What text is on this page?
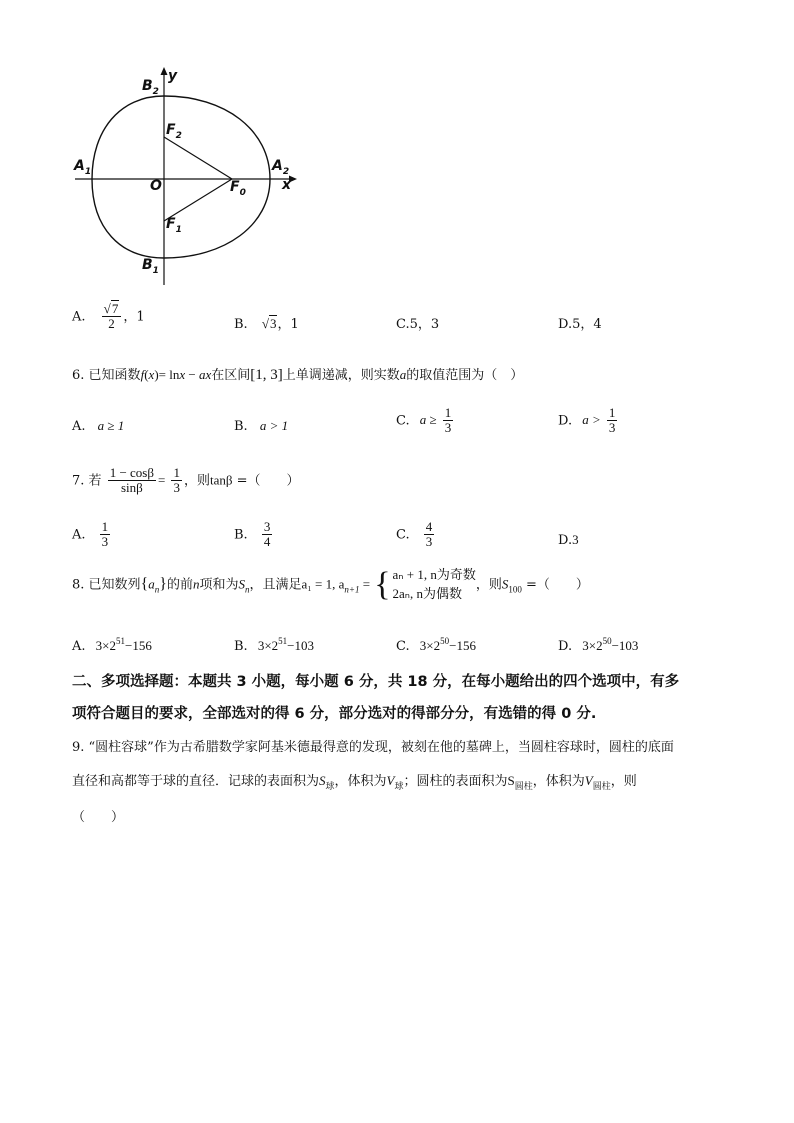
$B_2$
y
$F_2$
$A_1$	$A_2$
O	$F_0$	x
$F_1$
$B_1$
A. $\frac{√7}{2}$ ，1
B. √3，1	C.5，3	D.5，4
6. 已知函数f(x)= lnx − ax在区间[1, 3]上单调递减，则实数a的取值范围为（　）
A. a ≥ 1	B. a > 1	C. $a \ge \frac{1}{3}$	D. $a > \frac{1}{3}$
7. 若 $\frac{1 - \cos\beta}{\sin\beta} = \frac{1}{3}$ ，则tanβ =（　　）
A. $\frac{1}{3}$	B. $\frac{3}{4}$	C. $\frac{4}{3}$	D.3
8. 已知数列$\{a_n\}$的前n项和为$S_n$，且满足a₁ = 1, $a_{n+1}$ = { aₙ + 1, n为奇数
2aₙ, n为偶数
，则$S_{100}$ =（　　）
A. $3\times 2^{51}-156$	B. $3\times 2^{51}-103$	C. $3\times 2^{50}-156$	D. $3\times 2^{50}-103$
二、多项选择题：本题共 3 小题，每小题 6 分，共 18 分，在每小题给出的四个选项中，有多
项符合题目的要求，全部选对的得 6 分，部分选对的得部分分，有选错的得 0 分.
9. “圆柱容球”作为古希腊数学家阿基米德最得意的发现，被刻在他的墓碑上，当圆柱容球时，圆柱的底面
直径和高都等于球的直径．记球的表面积为$S_球$，体积为$V_球$；圆柱的表面积为$S_{圆柱}$，体积为$V_{圆柱}$，则
（　　）
